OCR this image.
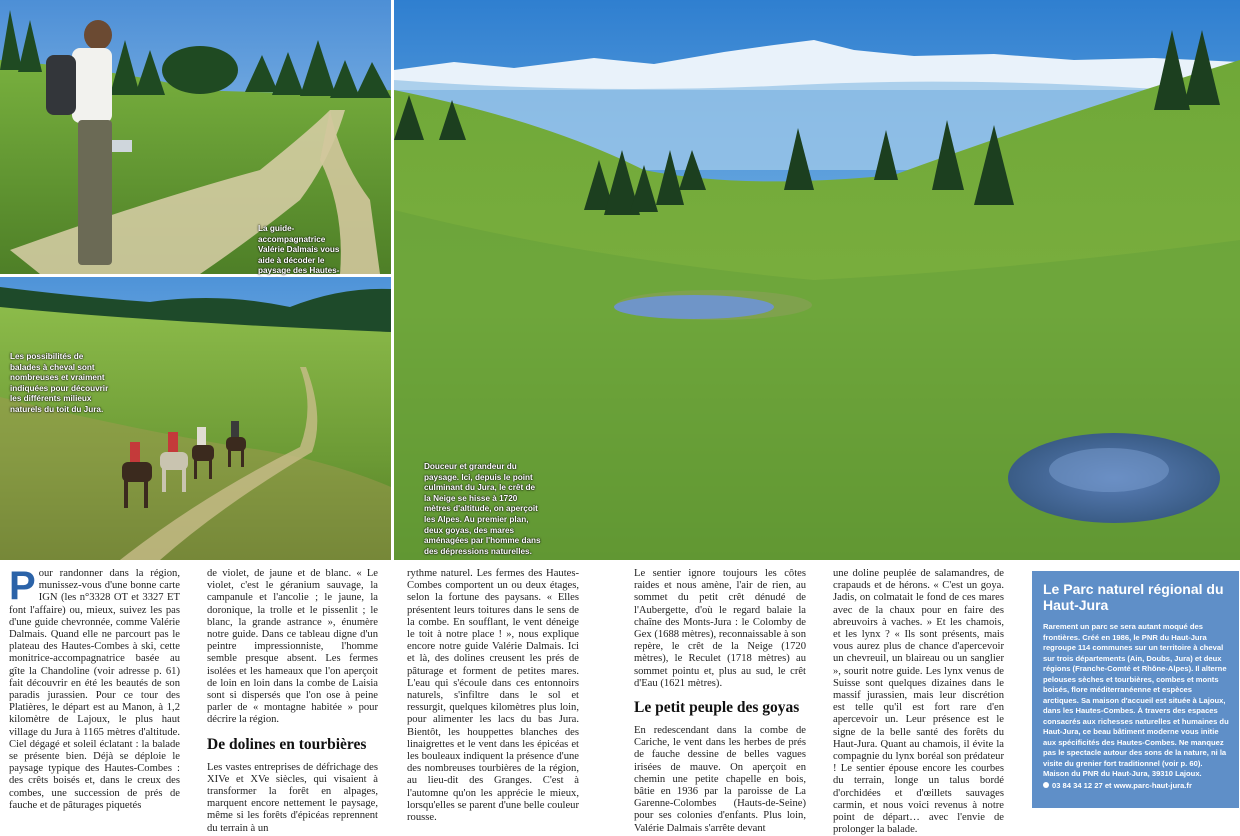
La guide-accompagnatrice Valérie Dalmais vous aide à décoder le paysage des Hautes-
Les possibilités de balades à cheval sont nombreuses et vraiment indiquées pour découvrir les différents milieux naturels du toit du Jura.
Douceur et grandeur du paysage. Ici, depuis le point culminant du Jura, le crêt de la Neige se hisse à 1720 mètres d'altitude, on aperçoit les Alpes. Au premier plan, deux goyas, des mares aménagées par l'homme dans des dépressions naturelles.
P our randonner dans la région, munissez-vous d'une bonne carte IGN (les n°3328 OT et 3327 ET font l'affaire) ou, mieux, suivez les pas d'une guide chevronnée, comme Valérie Dalmais. Quand elle ne parcourt pas le plateau des Hautes-Combes à ski, cette monitrice-accompagnatrice basée au gîte la Chandoline (voir adresse p. 61) fait découvrir en été les beautés de son paradis jurassien. Pour ce tour des Platières, le départ est au Manon, à 1,2 kilomètre de Lajoux, le plus haut village du Jura à 1165 mètres d'altitude. Ciel dégagé et soleil éclatant : la balade se présente bien. Déjà se déploie le paysage typique des Hautes-Combes : des crêts boisés et, dans le creux des combes, une succession de prés de fauche et de pâturages piquetés

de violet, de jaune et de blanc. « Le violet, c'est le géranium sauvage, la campanule et l'ancolie ; le jaune, la doronique, la trolle et le pissenlit ; le blanc, la grande astrance », énumère notre guide. Dans ce tableau digne d'un peintre impressionniste, l'homme semble presque absent. Les fermes isolées et les hameaux que l'on aperçoit de loin en loin dans la combe de Laisia sont si dispersés que l'on ose à peine parler de « montagne habitée » pour décrire la région.

De dolines en tourbières

Les vastes entreprises de défrichage des XIVe et XVe siècles, qui visaient à transformer la forêt en alpages, marquent encore nettement le paysage, même si les forêts d'épicéas reprennent du terrain à un

rythme naturel. Les fermes des Hautes-Combes comportent un ou deux étages, selon la fortune des paysans. « Elles présentent leurs toitures dans le sens de la combe. En soufflant, le vent déneige le toit à notre place ! », nous explique encore notre guide Valérie Dalmais. Ici et là, des dolines creusent les prés de pâturage et forment de petites mares. L'eau qui s'écoule dans ces entonnoirs naturels, s'infiltre dans le sol et ressurgit, quelques kilomètres plus loin, pour alimenter les lacs du bas Jura. Bientôt, les houppettes blanches des linaigrettes et le vent dans les épicéas et les bouleaux indiquent la présence d'une des nombreuses tourbières de la région, au lieu-dit des Granges. C'est à l'automne qu'on les apprécie le mieux, lorsqu'elles se parent d'une belle couleur rousse.

Le sentier ignore toujours les côtes raides et nous amène, l'air de rien, au sommet du petit crêt dénudé de l'Aubergette, d'où le regard balaie la chaîne des Monts-Jura : le Colomby de Gex (1688 mètres), reconnaissable à son repère, le crêt de la Neige (1720 mètres), le Reculet (1718 mètres) au sommet pointu et, plus au sud, le crêt d'Eau (1621 mètres).

Le petit peuple des goyas

En redescendant dans la combe de Cariche, le vent dans les herbes de prés de fauche dessine de belles vagues irisées de mauve. On aperçoit en chemin une petite chapelle en bois, bâtie en 1936 par la paroisse de La Garenne-Colombes (Hauts-de-Seine) pour ses colonies d'enfants. Plus loin, Valérie Dalmais s'arrête devant

une doline peuplée de salamandres, de crapauds et de hérons. « C'est un goya. Jadis, on colmatait le fond de ces mares avec de la chaux pour en faire des abreuvoirs à vaches. » Et les chamois, et les lynx ? « Ils sont présents, mais vous aurez plus de chance d'apercevoir un chevreuil, un blaireau ou un sanglier », sourit notre guide. Les lynx venus de Suisse sont quelques dizaines dans le massif jurassien, mais leur discrétion est telle qu'il est fort rare d'en apercevoir un. Leur présence est le signe de la belle santé des forêts du Haut-Jura. Quant au chamois, il évite la compagnie du lynx boréal son prédateur ! Le sentier épouse encore les courbes du terrain, longe un talus bordé d'orchidées et d'œillets sauvages carmin, et nous voici revenus à notre point de départ… avec l'envie de prolonger la balade.

Le Parc naturel régional du Haut-Jura

Rarement un parc se sera autant moqué des frontières. Créé en 1986, le PNR du Haut-Jura regroupe 114 communes sur un territoire à cheval sur trois départements (Ain, Doubs, Jura) et deux régions (Franche-Comté et Rhône-Alpes). Il alterne pelouses sèches et tourbières, combes et monts boisés, flore méditerranéenne et espèces arctiques. Sa maison d'accueil est située à Lajoux, dans les Hautes-Combes. À travers des espaces consacrés aux richesses naturelles et humaines du Haut-Jura, ce beau bâtiment moderne vous initie aux spécificités des Hautes-Combes. Ne manquez pas le spectacle autour des sons de la nature, ni la visite du grenier fort traditionnel (voir p. 60). Maison du PNR du Haut-Jura, 39310 Lajoux.

03 84 34 12 27 et www.parc-haut-jura.fr
